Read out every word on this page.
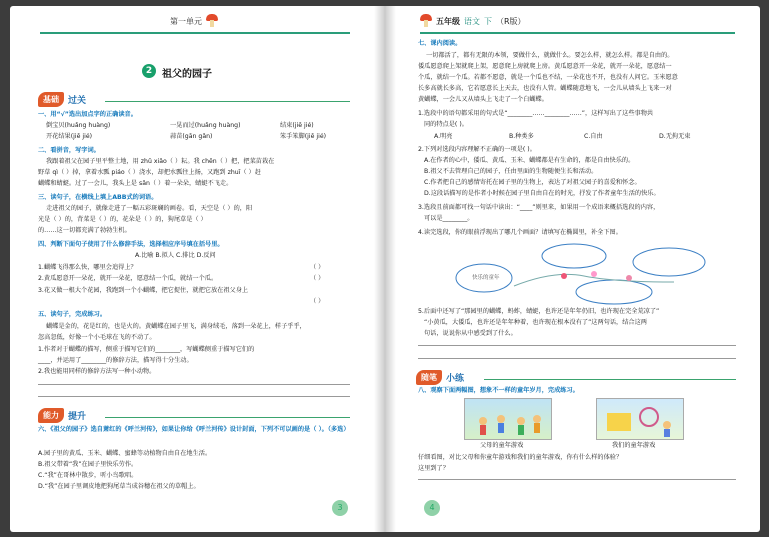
第一单元
2 祖父的园子
基础	过关
一、用“√”选出加点字的正确读音。
倒宝贝(huǎng huàng)	一晃而过(huǎng huàng)	结束(jiē jié)
开花结果(jiē jié)	蒜苗(gān gǎn)	笨手笨脚(jiē jié)
二、看拼音，写字词。
我跟着祖父在园子里平整土地，用 zhǔ xiǎo（ ）耘。我 chēn（ ）把，把菜苗栽在
野草 qì（ ）掉，拿着水瓢 piáo（ ）浇水，却把水瓢往上扬，又跑到 zhuī（ ）赶
蝴蝶和蜻蜓。过了一会儿，我头上是 sǎn（ ）着一朵朵，蜻蜓不飞走。
三、读句子，在横线上填上ABB式的词语。
走进祖父的园子，就像走进了一幅五彩斑斓的画卷。看，天空是（ ）的，阳
光是（ ）的，背菜是（ ）的，花朵是（ ）的，狗尾草是（ ）
的……这一切都充满了勃勃生机。
四、判断下面句子使用了什么修辞手法，选择相应序号填在括号里。
A.比喻 B.拟人 C.排比 D.反问
1.蝴蝶飞得那么快，哪里会追得上？	（ ）
2.黄瓜愿意开一朵花，就开一朵花，愿意结一个瓜，就结一个瓜。	（ ）
3.花又做一根大个花园，我跑到一个小蝴蝶，把它捉住，就把它放在祖父身上
（ ）
五、读句子，完成练习。
蝴蝶是金的，花是红的，也是火的。黄蝴蝶在园子里飞，满身绒毛，落到一朵花上，样子乎乎，
忽高忽低，好像一个小毛球在飞的不动了。
1.作者对于蝴蝶的描写，侧重于描写它们的________，写蝴蝶侧重于描写它们的
____，并运用了________的修辞方法，描写得十分生动。
2.我也能用同样的修辞方法写一种小动物。
能力	提升
六、《祖父的园子》选自萧红的《呼兰河传》，如果让你给《呼兰河传》设计封面，下列不可以画的是（ ）。（多选）
A.园子里的黄瓜、玉米、蝴蝶、蜜蜂等动植物自由自在地生活。
B.祖父带着“我”在园子里快乐劳作。
C.“我”在哥林中散步，听小鸟歌唱。
D.“我”在园子里调皮地把狗尾草当成谷穗在祖父的草帽上。
3
五年级 语文 下 （R版）
七、课内阅读。
一切都活了，都有无限的本领，要做什么，就做什么。要怎么样，就怎么样。都是自由的。
倭瓜愿意爬上架就爬上架，愿意爬上房就爬上房。黄瓜愿意开一朵花，就开一朵花，愿意结一
个瓜，就结一个瓜。若都不愿意，就是一个瓜也不结，一朵花也不开，也没有人问它。玉米愿意
长多高就长多高，它若愿意长上天去，也没有人管。蝴蝶随意地飞，一会儿从墙头上飞来一对
黄蝴蝶，一会儿又从墙头上飞走了一个白蝴蝶。
1.选段中的语句都采用的句式是“________……________……”，这样写出了这些事物共
同的特点是( )。
A.明亮	B.种类多	C.自由	D.无拘无束
2.下列对选段内容理解不正确的一项是( )。
A.在作者的心中，倭瓜、黄瓜、玉米、蝴蝶都是有生命的，都是自由快乐的。
B.祖父不去管理自己的园子，任由里面的生物随便生长和活动。
C.作者把自己的感情寄托在园子里的生物上，表达了对祖父园子的喜爱和怀念。
D.这段话描写的是作者小时候在园子里自由自在的时光，抒发了作者童年生活的快乐。
3.选段且前面都可找一句话中读出：“____”则里来，如果用一个成语来概括选段的内容，
可以是________。
4.读完选段，你的眼前浮现出了哪几个画面？请填写在椭圆里，补全下图。
快乐的童年
5.后面中还写了“那园里的蝴蝶，蚂蚱，蜻蜓，也许还是年年仍旧，也许现在完全荒凉了”
“小黄瓜，大倭瓜，也许还是年年种着，也许现在根本没有了”这两句话，结合这两
句话，说说你从中感受到了什么。
随笔	小练
八、观察下面两幅图，想象不一样的童年岁月，完成练习。
父母的童年游戏	我们的童年游戏
仔细看图，对比父母和你童年游戏和我们的童年游戏，你有什么样的体验？
这里到了？
4
